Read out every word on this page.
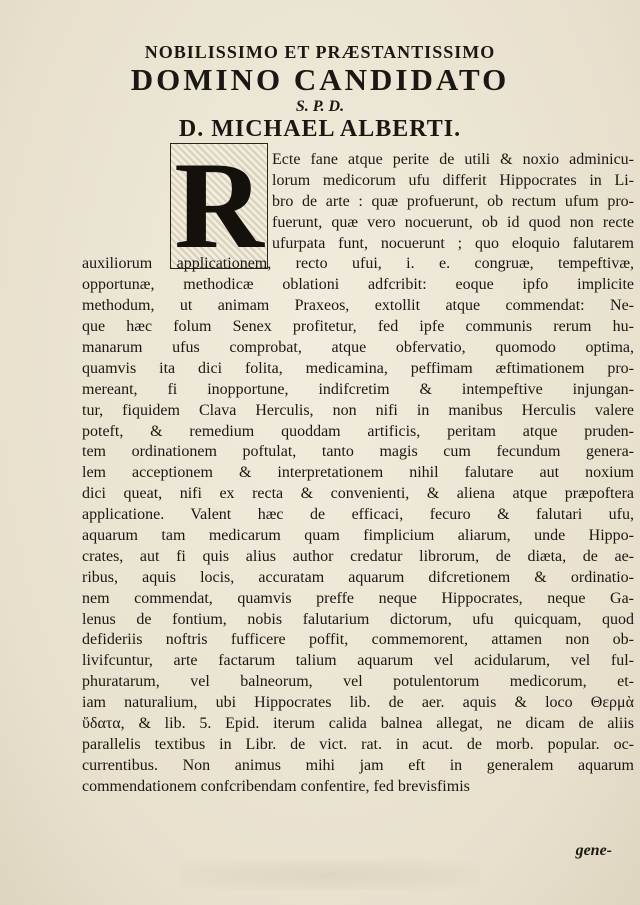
NOBILISSIMO ET PRÆSTANTISSIMO
DOMINO CANDIDATO
S. P. D.
D. MICHAEL ALBERTI.
R Ecte fane atque perite de utili & noxio adminicu-
lorum medicorum ufu differit Hippocrates in Li-
bro de arte : quæ profuerunt, ob rectum ufum pro-
fuerunt, quæ vero nocuerunt, ob id quod non recte
ufurpata funt, nocuerunt ; quo eloquio falutarem
auxiliorum applicationem, recto ufui, i. e. congruæ, tempeftivæ,
opportunæ, methodicæ oblationi adfcribit: eoque ipfo implicite
methodum, ut animam Praxeos, extollit atque commendat: Ne-
que hæc folum Senex profitetur, fed ipfe communis rerum hu-
manarum ufus comprobat, atque obfervatio, quomodo optima,
quamvis ita dici folita, medicamina, peffimam æftimationem pro-
mereant, fi inopportune, indifcretim & intempeftive injungan-
tur, fiquidem Clava Herculis, non nifi in manibus Herculis valere
poteft, & remedium quoddam artificis, peritam atque pruden-
tem ordinationem poftulat, tanto magis cum fecundum genera-
lem acceptionem & interpretationem nihil falutare aut noxium
dici queat, nifi ex recta & convenienti, & aliena atque præpoftera
applicatione. Valent hæc de efficaci, fecuro & falutari ufu,
aquarum tam medicarum quam fimplicium aliarum, unde Hippo-
crates, aut fi quis alius author credatur librorum, de diæta, de ae-
ribus, aquis locis, accuratam aquarum difcretionem & ordinatio-
nem commendat, quamvis preffe neque Hippocrates, neque Ga-
lenus de fontium, nobis falutarium dictorum, ufu quicquam, quod
defideriis noftris fufficere poffit, commemorent, attamen non ob-
livifcuntur, arte factarum talium aquarum vel acidularum, vel ful-
phuratarum, vel balneorum, vel potulentorum medicorum, et-
iam naturalium, ubi Hippocrates lib. de aer. aquis & loco Θερμὰ
ὕδατα, & lib. 5. Epid. iterum calida balnea allegat, ne dicam de aliis
parallelis textibus in Libr. de vict. rat. in acut. de morb. popular. oc-
currentibus. Non animus mihi jam eft in generalem aquarum
commendationem confcribendam confentire, fed brevisfimis
gene-
